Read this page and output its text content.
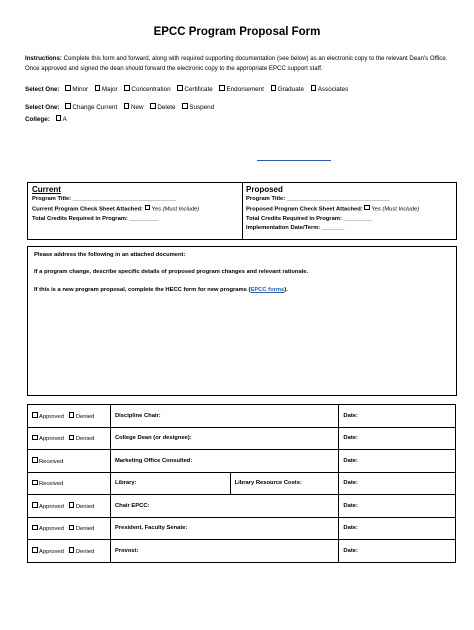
EPCC Program Proposal Form
Instructions: Complete this form and forward, along with required supporting documentation (see below) as an electronic copy to the relevant Dean's Office. Once approved and signed the dean should forward the electronic copy to the appropriate EPCC support staff.
Select One: Minor Major Concentration Certificate Endorsement Graduate Associates
Select One: Change Current New Delete Suspend
College: A
Current
Program Title: ________________________________
Current Program Check Sheet Attached: Yes (Must Include)
Total Credits Required in Program: _________
Proposed
Program Title: ________________________________
Proposed Program Check Sheet Attached: Yes (Must Include)
Total Credits Required in Program: _________
Implementation Date/Term: _______

Please address the following in an attached document:

If a program change, describe specific details of proposed program changes and relevant rationale.

If this is a new program proposal, complete the HECC form for new programs (EPCC forms).

Approved Denied	Discipline Chair:		Date:
Approved Denied	College Dean (or designee):		Date:
Received	Marketing Office Consulted:		Date:
Received	Library:	Library Resource Costs:	Date:
Approved Denied	Chair EPCC:		Date:
Approved Denied	President, Faculty Senate:		Date:
Approved Denied	Provost:		Date:
